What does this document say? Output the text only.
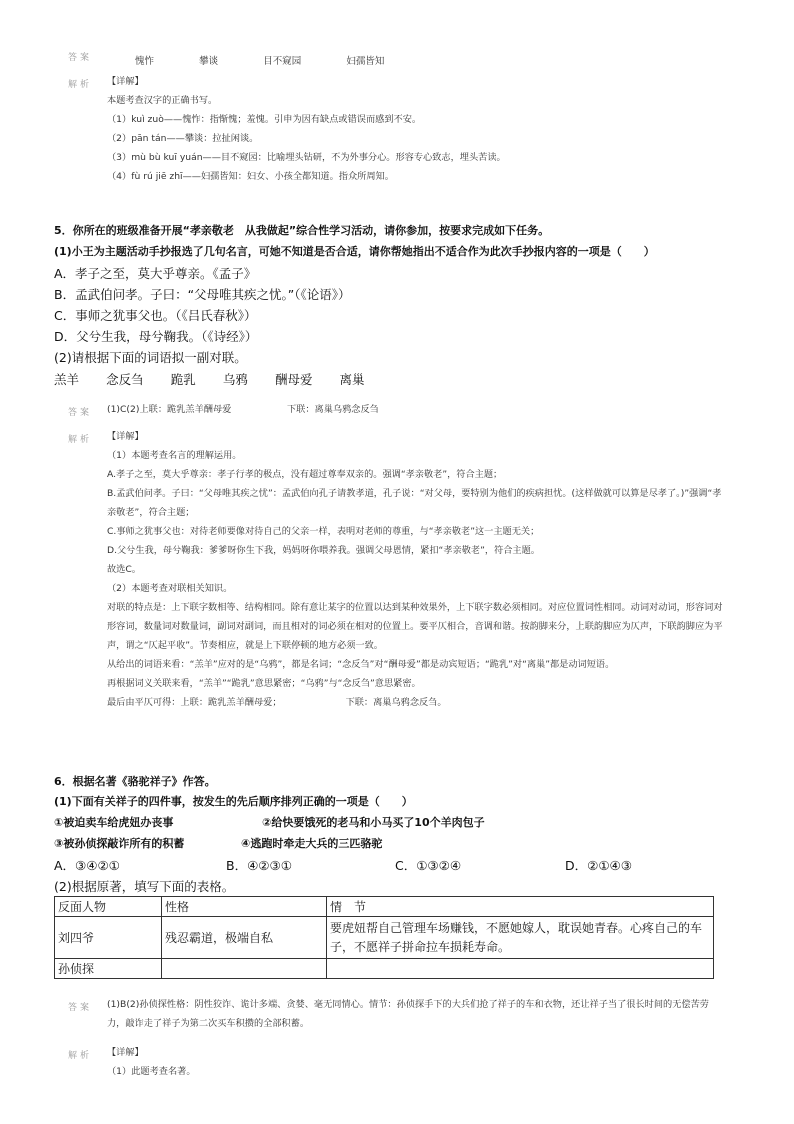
答案	愧怍	攀谈	目不窥园	妇孺皆知
解析 【详解】
本题考查汉字的正确书写。
（1）kuì zuò——愧怍：指惭愧；羞愧。引申为因有缺点或错误而感到不安。
（2）pān tán——攀谈：拉扯闲谈。
（3）mù bù kuī yuán——目不窥园：比喻埋头钻研，不为外事分心。形容专心致志，埋头苦读。
（4）fù rú jiē zhī——妇孺皆知：妇女、小孩全都知道。指众所周知。
5．你所在的班级准备开展“孝亲敬老　从我做起”综合性学习活动，请你参加，按要求完成如下任务。
(1)小王为主题活动手抄报选了几句名言，可她不知道是否合适，请你帮她指出不适合作为此次手抄报内容的一项是（　　）
A．孝子之至，莫大乎尊亲。《孟子》
B．孟武伯问孝。子曰：“父母唯其疾之忧。”（《论语》）
C．事师之犹事父也。（《吕氏春秋》）
D．父兮生我，母兮鞠我。（《诗经》）
(2)请根据下面的词语拟一副对联。
羔羊 念反刍 跪乳 乌鸦 酬母爱 离巢
答案 (1)C(2)上联：跪乳羔羊酬母爱	下联：离巢乌鸦念反刍
解析 【详解】
（1）本题考查名言的理解运用。
A.孝子之至，莫大乎尊亲：孝子行孝的极点，没有超过尊奉双亲的。强调“孝亲敬老”，符合主题；
B.孟武伯问孝。子曰：“父母唯其疾之忧”：孟武伯向孔子请教孝道，孔子说：“对父母，要特别为他们的疾病担忧。(这样做就可以算是尽孝了。)”强调“孝亲敬老”，符合主题；
C.事师之犹事父也：对待老师要像对待自己的父亲一样，表明对老师的尊重，与“孝亲敬老”这一主题无关；
D.父兮生我，母兮鞠我：爹爹呀你生下我，妈妈呀你喂养我。强调父母恩情，紧扣“孝亲敬老”，符合主题。
故选C。
（2）本题考查对联相关知识。
对联的特点是：上下联字数相等、结构相同。除有意让某字的位置以达到某种效果外，上下联字数必须相同。对应位置词性相同。动词对动词，形容词对形容词，数量词对数量词，副词对副词，而且相对的词必须在相对的位置上。要平仄相合，音调和谐。按韵脚来分，上联韵脚应为仄声，下联韵脚应为平声，谓之“仄起平收”。节奏相应，就是上下联停顿的地方必须一致。
从给出的词语来看：“羔羊”应对的是“乌鸦”，都是名词；“念反刍”对“酬母爱”都是动宾短语；“跪乳”对“离巢”都是动词短语。
再根据词义关联来看，“羔羊”“跪乳”意思紧密；“乌鸦”与“念反刍”意思紧密。
最后由平仄可得：上联：跪乳羔羊酬母爱；	下联：离巢乌鸦念反刍。
6．根据名著《骆驼祥子》作答。
(1)下面有关祥子的四件事，按发生的先后顺序排列正确的一项是（　　）
①被迫卖车给虎妞办丧事	②给快要饿死的老马和小马买了10个羊肉包子
③被孙侦探敲诈所有的积蓄	④逃跑时牵走大兵的三匹骆驼
A．③④②①	B．④②③①	C．①③②④	D．②①④③
(2)根据原著，填写下面的表格。
反面人物	性格	情　节
刘四爷	残忍霸道，极端自私	要虎妞帮自己管理车场赚钱，不愿她嫁人，耽误她青春。心疼自己的车子，不愿祥子拼命拉车损耗寿命。
孙侦探		
答案 (1)B(2)孙侦探性格：阴性狡诈、诡计多端、贪婪、毫无同情心。情节：孙侦探手下的大兵们抢了祥子的车和衣物，还让祥子当了很长时间的无偿苦劳力，敲诈走了祥子为第二次买车积攒的全部积蓄。
解析 【详解】
（1）此题考查名著。
